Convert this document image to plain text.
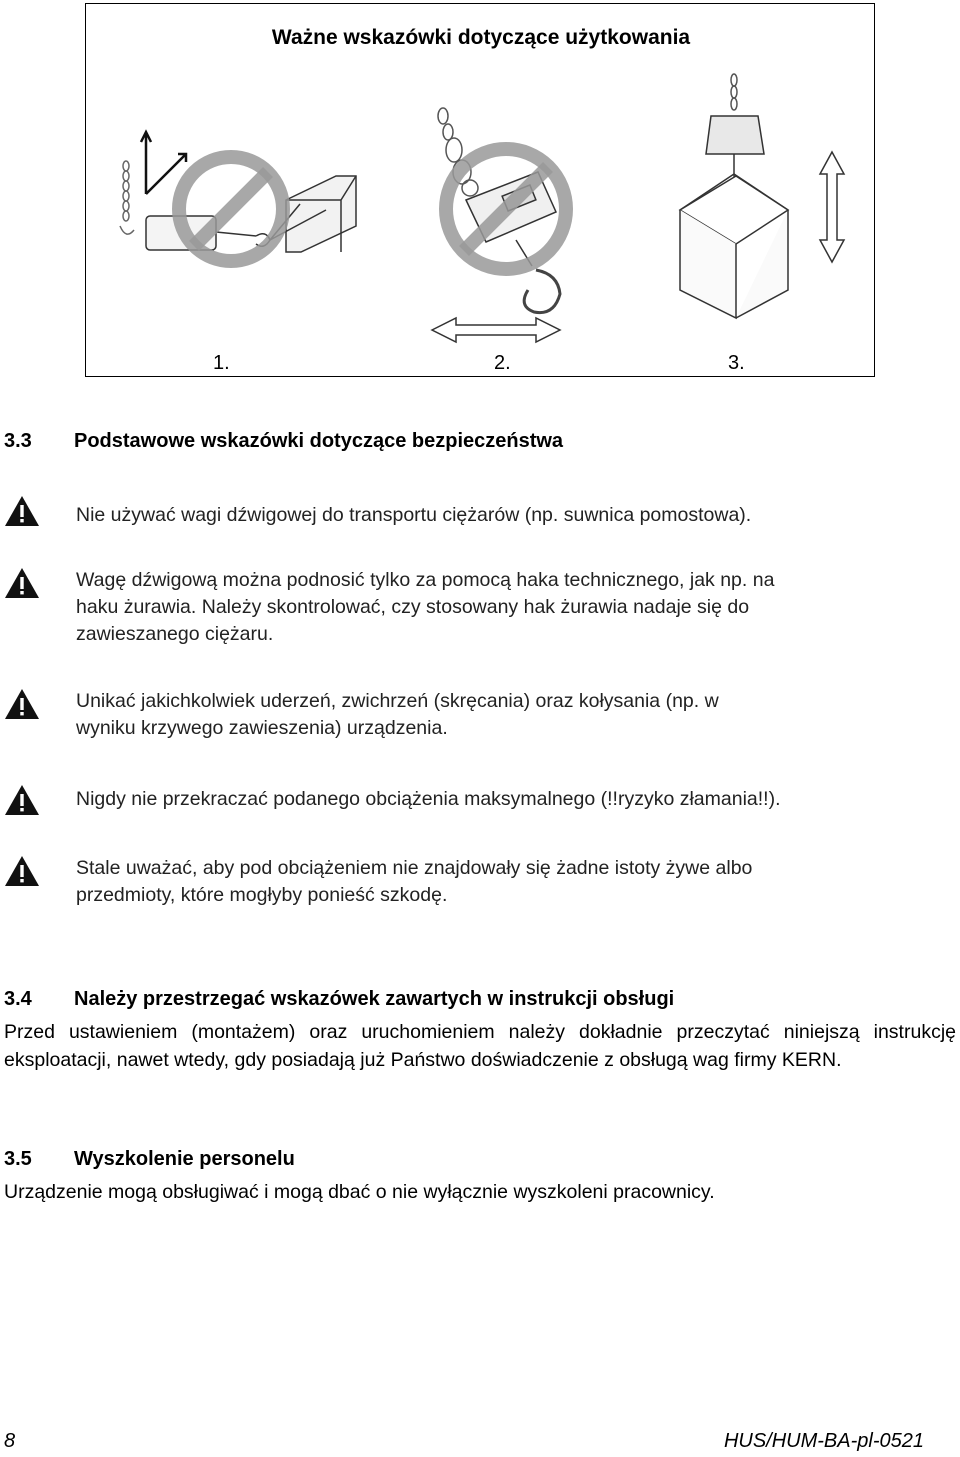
Ważne wskazówki dotyczące użytkowania
1.	2.	3.
3.3 Podstawowe wskazówki dotyczące bezpieczeństwa
Nie używać wagi dźwigowej do transportu ciężarów (np. suwnica pomostowa).
Wagę dźwigową można podnosić tylko za pomocą haka technicznego, jak np. na
haku żurawia. Należy skontrolować, czy stosowany hak żurawia nadaje się do
zawieszanego ciężaru.
Unikać jakichkolwiek uderzeń, zwichrzeń (skręcania) oraz kołysania (np. w
wyniku krzywego zawieszenia) urządzenia.
Nigdy nie przekraczać podanego obciążenia maksymalnego (!!ryzyko złamania!!).
Stale uważać, aby pod obciążeniem nie znajdowały się żadne istoty żywe albo
przedmioty, które mogłyby ponieść szkodę.
3.4 Należy przestrzegać wskazówek zawartych w instrukcji obsługi
Przed ustawieniem (montażem) oraz uruchomieniem należy dokładnie przeczytać niniejszą instrukcję eksploatacji, nawet wtedy, gdy posiadają już Państwo doświadczenie z obsługą wag firmy KERN.
3.5 Wyszkolenie personelu
Urządzenie mogą obsługiwać i mogą dbać o nie wyłącznie wyszkoleni pracownicy.
8	HUS/HUM-BA-pl-0521
